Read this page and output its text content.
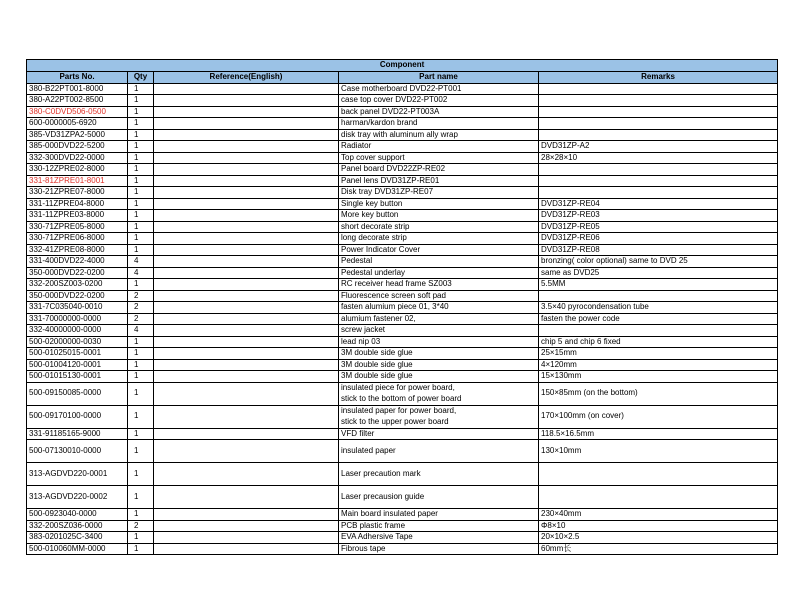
Component				
Parts No.	Qty	Reference(English)	Part name	Remarks
380-B22PT001-8000	1		Case motherboard DVD22-PT001	

380-A22PT002-8500	1		case top cover DVD22-PT002	

380-C0DVD506-0500	1		back panel DVD22-PT003A	

600-0000005-6920	1		harman/kardon brand	

385-VD31ZPA2-5000	1		disk tray with aluminum ally wrap	

385-000DVD22-5200	1		Radiator	DVD31ZP-A2
332-300DVD22-0000	1		Top cover support	28×28×10
330-12ZPRE02-8000	1		Panel board DVD22ZP-RE02	

331-81ZPRE01-8001	1		Panel lens DVD31ZP-RE01	

330-21ZPRE07-8000	1		Disk tray DVD31ZP-RE07	

331-11ZPRE04-8000	1		Single key button	DVD31ZP-RE04
331-11ZPRE03-8000	1		More key button	DVD31ZP-RE03
330-71ZPRE05-8000	1		short decorate strip	DVD31ZP-RE05
330-71ZPRE06-8000	1		long decorate strip	DVD31ZP-RE06
332-41ZPRE08-8000	1		Power Indicator Cover	DVD31ZP-RE08
331-400DVD22-4000	4		Pedestal	bronzing( color optional) same to DVD 25
350-000DVD22-0200	4		Pedestal underlay	same as DVD25
332-200SZ003-0200	1		RC receiver head frame SZ003	5.5MM
350-000DVD22-0200	2		Fluorescence screen soft pad	

331-7C035040-0010	2		fasten alumium piece 01, 3*40	3.5×40 pyrocondensation tube
331-70000000-0000	2		alumium fastener 02,	fasten the power code
332-40000000-0000	4		screw jacket	

500-02000000-0030	1		lead nip 03	chip 5 and chip 6 fixed
500-01025015-0001	1		3M double side glue	25×15mm
500-01004120-0001	1		3M double side glue	4×120mm
500-01015130-0001	1		3M double side glue	15×130mm
500-09150085-0000	1		insulated piece for power board,
stick to the bottom of power board	150×85mm (on the bottom)
500-09170100-0000	1		insulated paper for power board,
stick to the upper power board	170×100mm (on cover)
331-91185165-9000	1		VFD filter	118.5×16.5mm
500-07130010-0000	1		insulated paper	130×10mm
313-AGDVD220-0001	1		Laser precaution mark	

313-AGDVD220-0002	1		Laser precausion guide	

500-0923040-0000	1		Main board insulated paper	230×40mm
332-200SZ036-0000	2		PCB plastic frame	Φ8×10
383-0201025C-3400	1		EVA Adhersive Tape	20×10×2.5
500-010060MM-0000	1		Fibrous tape	60mm长
